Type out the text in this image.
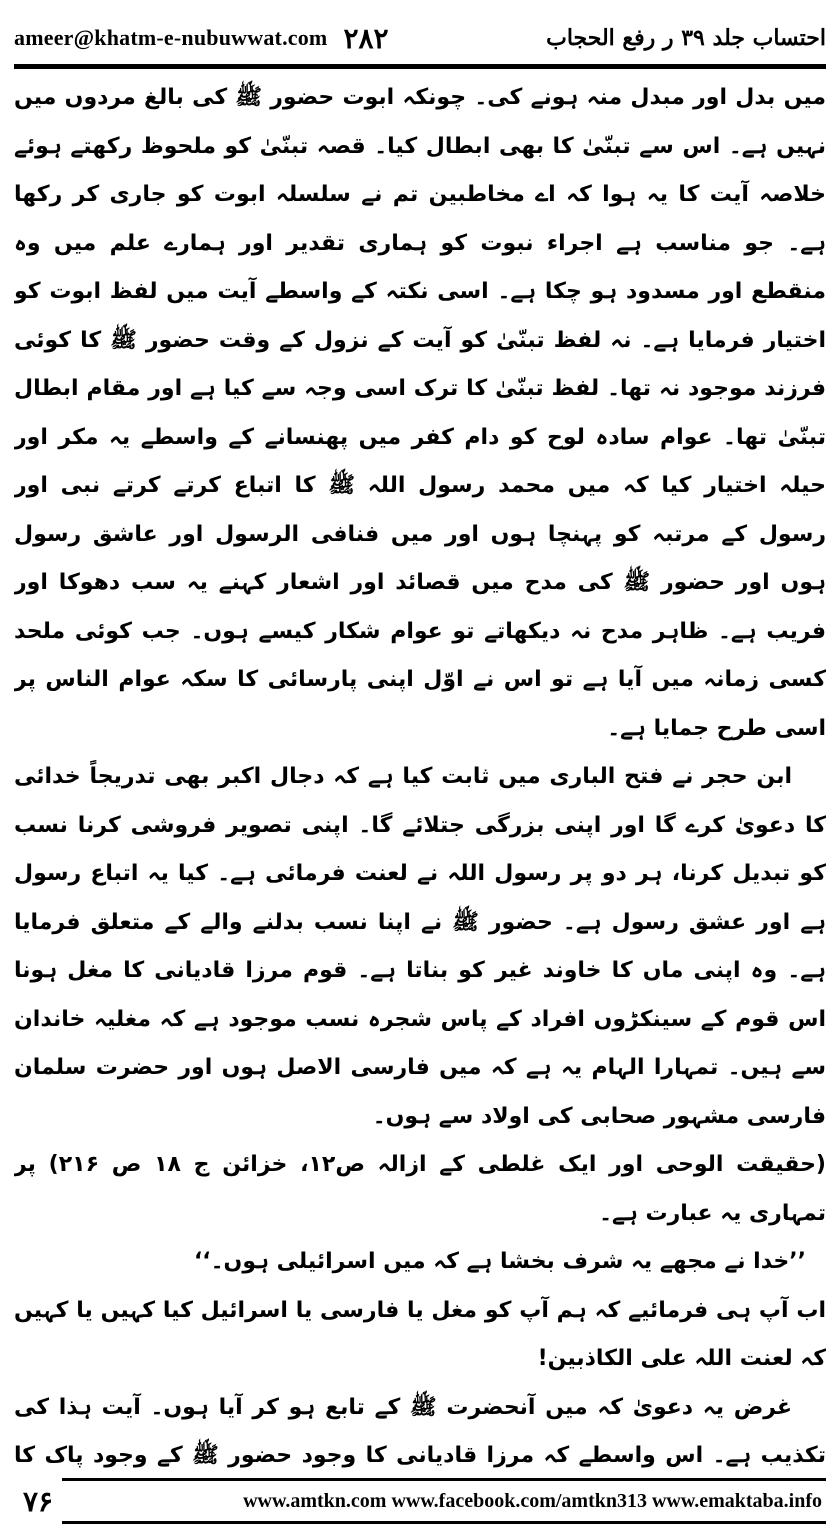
ameer@khatm-e-nubuwwat.com ۲۸۲	احتساب جلد ۳۹ ر رفع الحجاب

میں بدل اور مبدل منہ ہونے کی۔ چونکہ ابوت حضور ﷺ کی بالغ مردوں میں نہیں ہے۔ اس سے تبنّیٰ کا بھی ابطال کیا۔ قصہ تبنّیٰ کو ملحوظ رکھتے ہوئے خلاصہ آیت کا یہ ہوا کہ اے مخاطبین تم نے سلسلہ ابوت کو جاری کر رکھا ہے۔ جو مناسب ہے اجراء نبوت کو ہماری تقدیر اور ہمارے علم میں وہ منقطع اور مسدود ہو چکا ہے۔ اسی نکتہ کے واسطے آیت میں لفظ ابوت کو اختیار فرمایا ہے۔ نہ لفظ تبنّیٰ کو آیت کے نزول کے وقت حضور ﷺ کا کوئی فرزند موجود نہ تھا۔ لفظ تبنّیٰ کا ترک اسی وجہ سے کیا ہے اور مقام ابطال تبنّیٰ تھا۔ عوام سادہ لوح کو دام کفر میں پھنسانے کے واسطے یہ مکر اور حیلہ اختیار کیا کہ میں محمد رسول اللہ ﷺ کا اتباع کرتے کرتے نبی اور رسول کے مرتبہ کو پہنچا ہوں اور میں فنافی الرسول اور عاشق رسول ہوں اور حضور ﷺ کی مدح میں قصائد اور اشعار کہنے یہ سب دھوکا اور فریب ہے۔ ظاہر مدح نہ دیکھاتے تو عوام شکار کیسے ہوں۔ جب کوئی ملحد کسی زمانہ میں آیا ہے تو اس نے اوّل اپنی پارسائی کا سکہ عوام الناس پر اسی طرح جمایا ہے۔

ابن حجر نے فتح الباری میں ثابت کیا ہے کہ دجال اکبر بھی تدریجاً خدائی کا دعویٰ کرے گا اور اپنی بزرگی جتلائے گا۔ اپنی تصویر فروشی کرنا نسب کو تبدیل کرنا، ہر دو پر رسول اللہ نے لعنت فرمائی ہے۔ کیا یہ اتباع رسول ہے اور عشق رسول ہے۔ حضور ﷺ نے اپنا نسب بدلنے والے کے متعلق فرمایا ہے۔ وہ اپنی ماں کا خاوند غیر کو بناتا ہے۔ قوم مرزا قادیانی کا مغل ہونا اس قوم کے سینکڑوں افراد کے پاس شجرہ نسب موجود ہے کہ مغلیہ خاندان سے ہیں۔ تمہارا الہام یہ ہے کہ میں فارسی الاصل ہوں اور حضرت سلمان فارسی مشہور صحابی کی اولاد سے ہوں۔

(حقیقت الوحی اور ایک غلطی کے ازالہ ص۱۲، خزائن ج ۱۸ ص ۲۱۶) پر تمہاری یہ عبارت ہے۔

’’خدا نے مجھے یہ شرف بخشا ہے کہ میں اسرائیلی ہوں۔‘‘

اب آپ ہی فرمائیے کہ ہم آپ کو مغل یا فارسی یا اسرائیل کیا کہیں یا کہیں کہ لعنت اللہ علی الکاذبین!

غرض یہ دعویٰ کہ میں آنحضرت ﷺ کے تابع ہو کر آیا ہوں۔ آیت ہذا کی تکذیب ہے۔ اس واسطے کہ مرزا قادیانی کا وجود حضور ﷺ کے وجود پاک کا

۷۶	www.amtkn.com www.facebook.com/amtkn313 www.emaktaba.info
